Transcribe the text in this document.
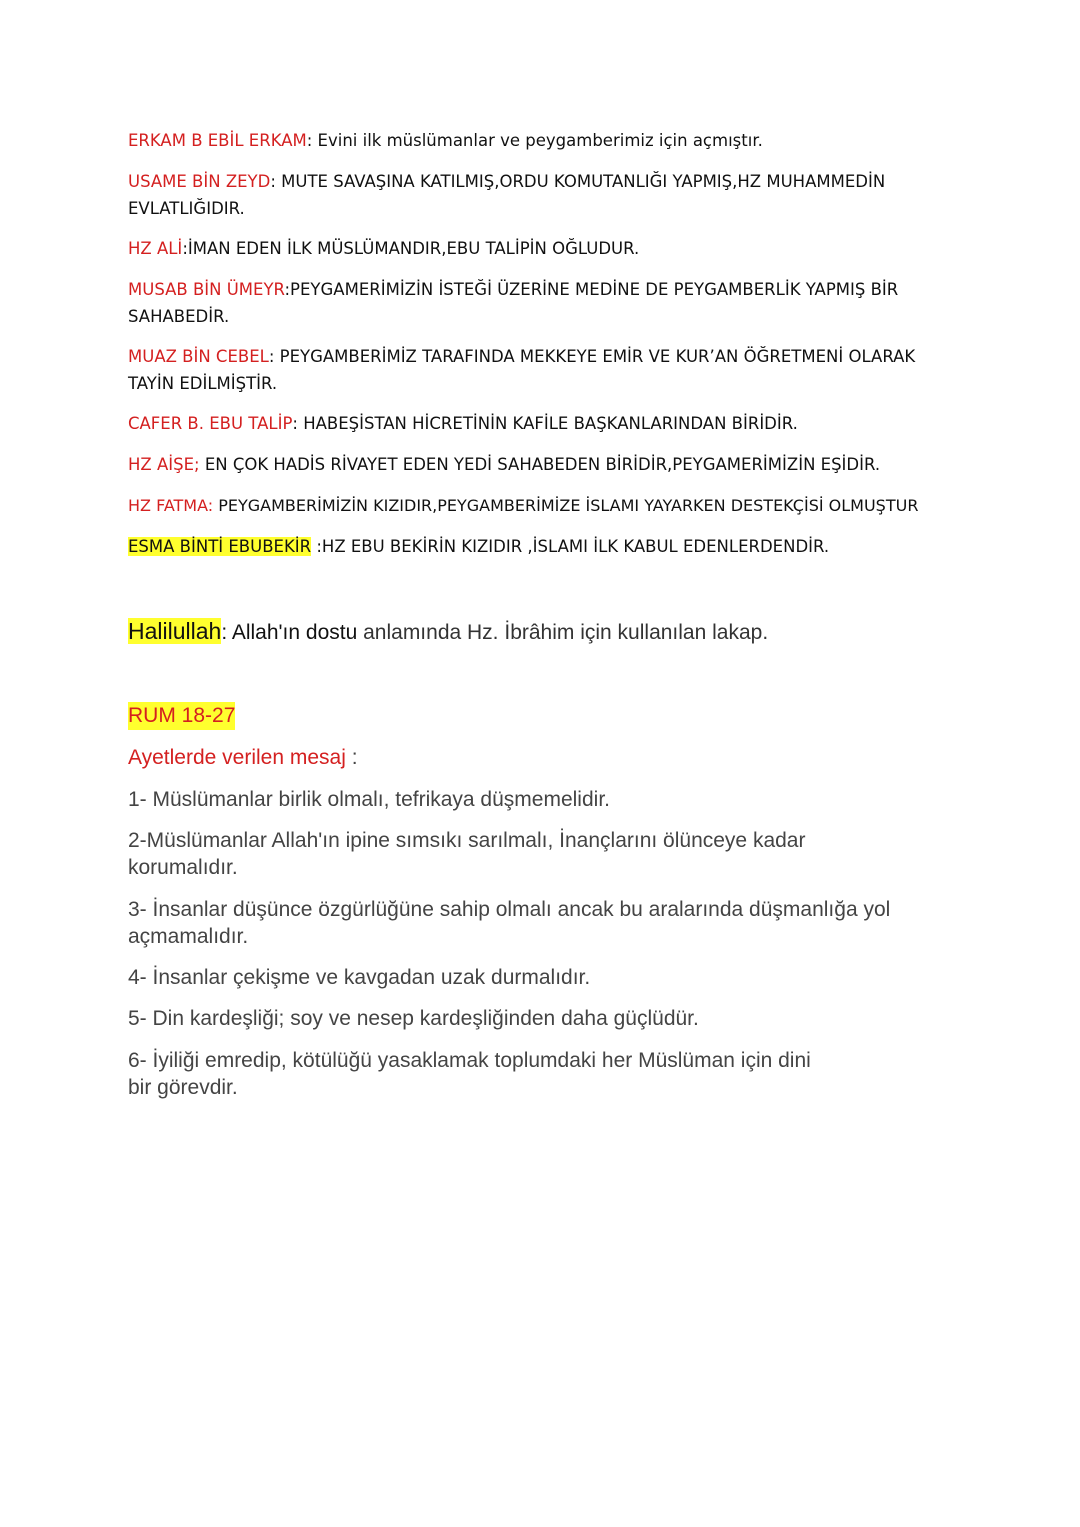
ERKAM B EBİL ERKAM: Evini ilk müslümanlar ve peygamberimiz için açmıştır.

USAME BİN ZEYD: MUTE SAVAŞINA KATILMIŞ,ORDU KOMUTANLIĞI YAPMIŞ,HZ MUHAMMEDİN EVLATLIĞIDIR.

HZ ALİ:İMAN EDEN İLK MÜSLÜMANDIR,EBU TALİPİN OĞLUDUR.

MUSAB BİN ÜMEYR:PEYGAMERİMİZİN İSTEĞİ ÜZERİNE MEDİNE DE PEYGAMBERLİK YAPMIŞ BİR SAHABEDİR.

MUAZ BİN CEBEL: PEYGAMBERİMİZ TARAFINDA MEKKEYE EMİR VE KUR’AN ÖĞRETMENİ OLARAK TAYİN EDİLMİŞTİR.

CAFER B. EBU TALİP: HABEŞİSTAN HİCRETİNİN KAFİLE BAŞKANLARINDAN BİRİDİR.

HZ AİŞE; EN ÇOK HADİS RİVAYET EDEN YEDİ SAHABEDEN BİRİDİR,PEYGAMERİMİZİN EŞİDİR.

HZ FATMA: PEYGAMBERİMİZİN KIZIDIR,PEYGAMBERİMİZE İSLAMI YAYARKEN DESTEKÇİSİ OLMUŞTUR

ESMA BİNTİ EBUBEKİR :HZ EBU BEKİRİN KIZIDIR ,İSLAMI İLK KABUL EDENLERDENDİR.

Halilullah: Allah'ın dostu anlamında Hz. İbrâhim için kullanılan lakap.

RUM 18-27

Ayetlerde verilen mesaj :

1- Müslümanlar birlik olmalı, tefrikaya düşmemelidir.

2-Müslümanlar Allah'ın ipine sımsıkı sarılmalı, İnançlarını ölünceye kadar korumalıdır.

3- İnsanlar düşünce özgürlüğüne sahip olmalı ancak bu aralarında düşmanlığa yol açmamalıdır.

4- İnsanlar çekişme ve kavgadan uzak durmalıdır.

5- Din kardeşliği; soy ve nesep kardeşliğinden daha güçlüdür.

6- İyiliği emredip, kötülüğü yasaklamak toplumdaki her Müslüman için dini bir görevdir.
